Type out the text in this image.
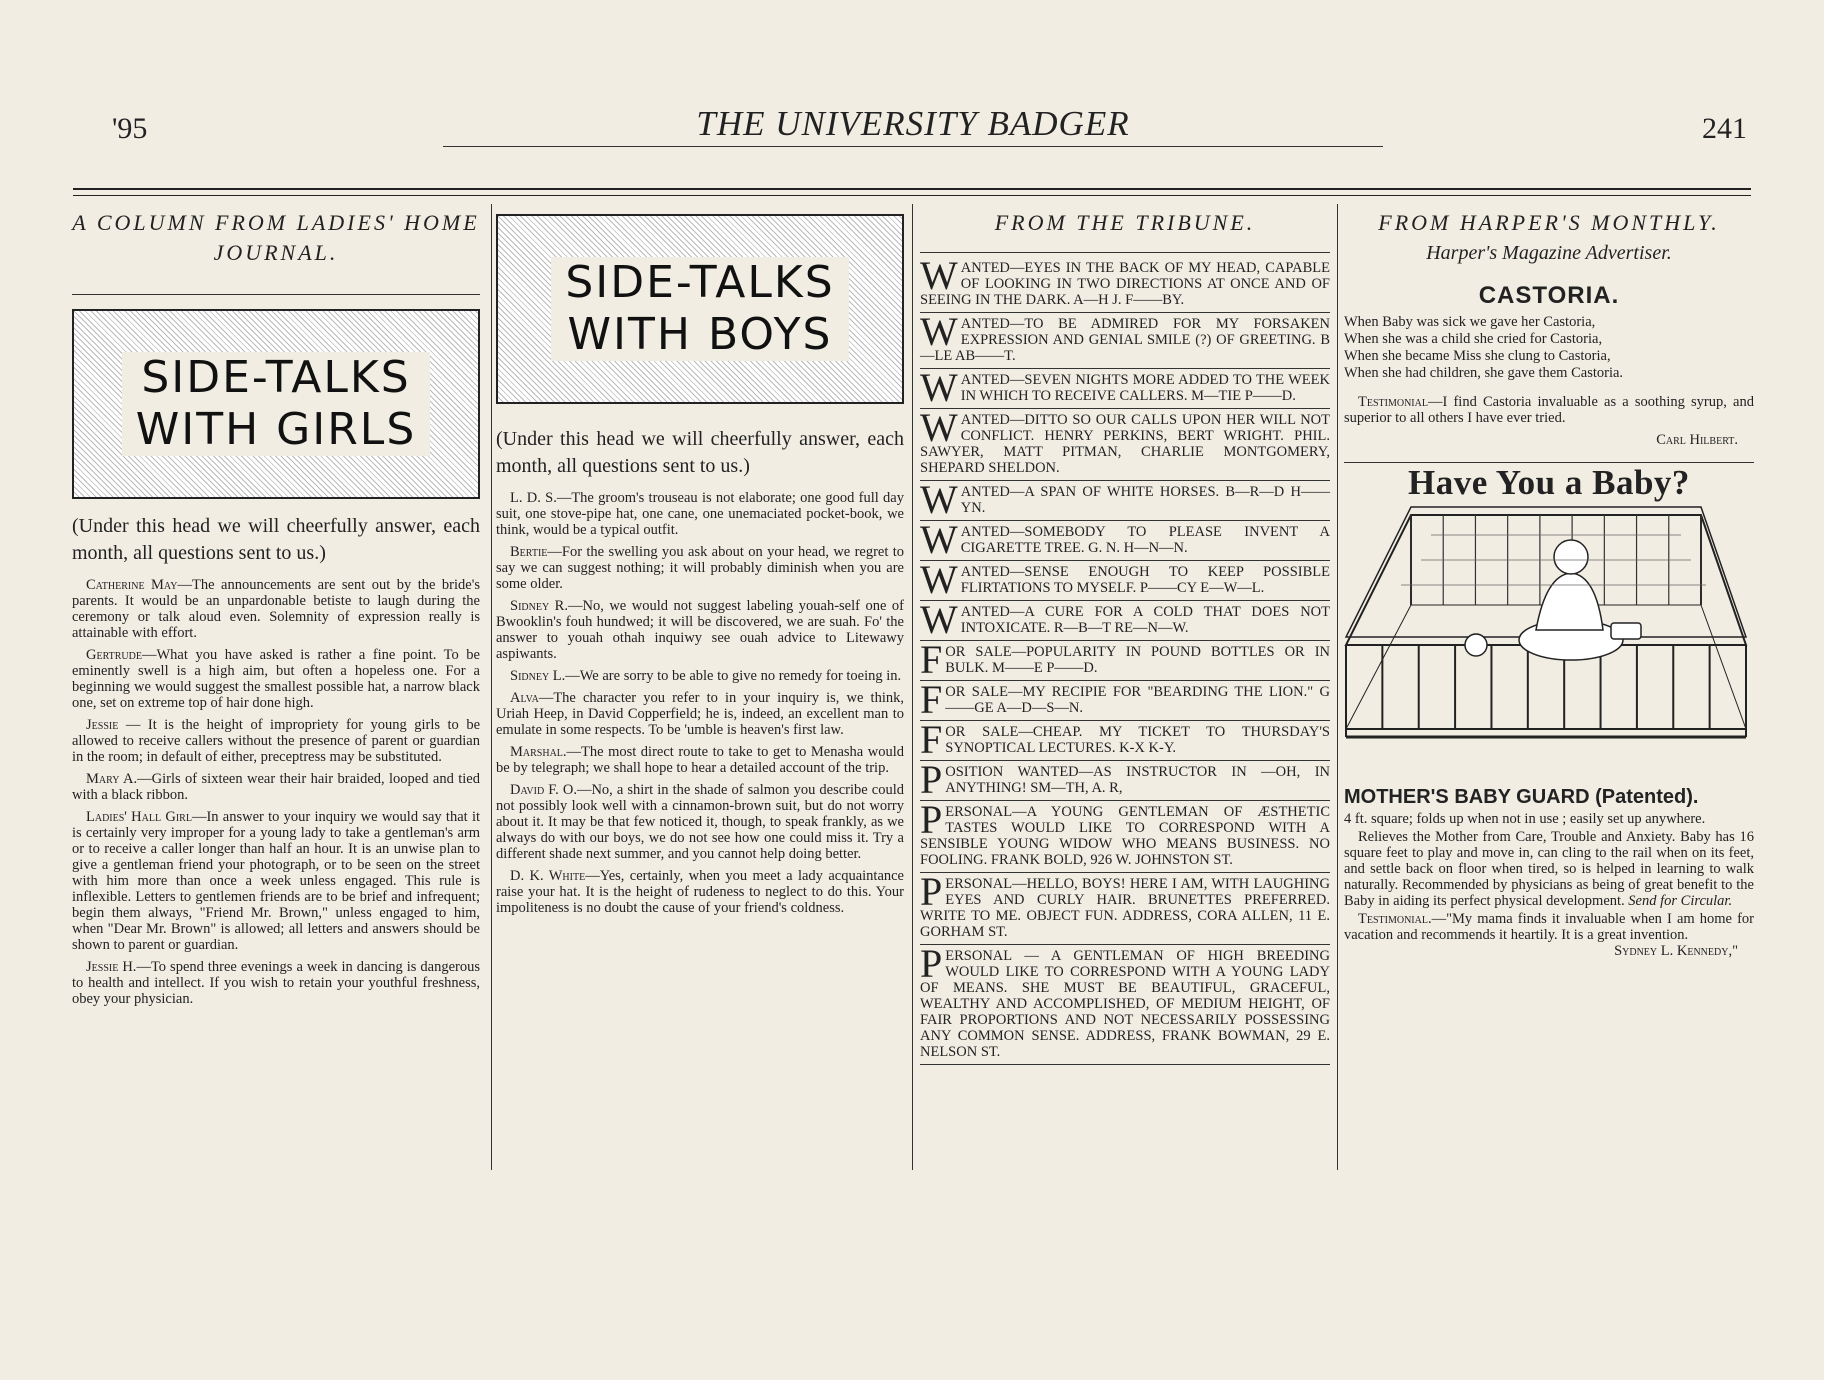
'95	THE UNIVERSITY BADGER	241
A COLUMN FROM LADIES' HOME JOURNAL.
SIDE-TALKS
WITH GIRLS
(Under this head we will cheerfully answer, each month, all questions sent to us.)

Catherine May—The announcements are sent out by the bride's parents. It would be an unpardonable betiste to laugh during the ceremony or talk aloud even. Solemnity of expression really is attainable with effort.

Gertrude—What you have asked is rather a fine point. To be eminently swell is a high aim, but often a hopeless one. For a beginning we would suggest the smallest possible hat, a narrow black one, set on extreme top of hair done high.

Jessie — It is the height of impropriety for young girls to be allowed to receive callers without the presence of parent or guardian in the room; in default of either, preceptress may be substituted.

Mary A.—Girls of sixteen wear their hair braided, looped and tied with a black ribbon.

Ladies' Hall Girl—In answer to your inquiry we would say that it is certainly very improper for a young lady to take a gentleman's arm or to receive a caller longer than half an hour. It is an unwise plan to give a gentleman friend your photograph, or to be seen on the street with him more than once a week unless engaged. This rule is inflexible. Letters to gentlemen friends are to be brief and infrequent; begin them always, "Friend Mr. Brown," unless engaged to him, when "Dear Mr. Brown" is allowed; all letters and answers should be shown to parent or guardian.

Jessie H.—To spend three evenings a week in dancing is dangerous to health and intellect. If you wish to retain your youthful freshness, obey your physician.

SIDE-TALKS
WITH BOYS
(Under this head we will cheerfully answer, each month, all questions sent to us.)

L. D. S.—The groom's trouseau is not elaborate; one good full day suit, one stove-pipe hat, one cane, one unemaciated pocket-book, we think, would be a typical outfit.

Bertie—For the swelling you ask about on your head, we regret to say we can suggest nothing; it will probably diminish when you are some older.

Sidney R.—No, we would not suggest labeling youah-self one of Bwooklin's fouh hundwed; it will be discovered, we are suah. Fo' the answer to youah othah inquiwy see ouah advice to Litewawy aspiwants.

Sidney L.—We are sorry to be able to give no remedy for toeing in.

Alva—The character you refer to in your inquiry is, we think, Uriah Heep, in David Copperfield; he is, indeed, an excellent man to emulate in some respects. To be 'umble is heaven's first law.

Marshal.—The most direct route to take to get to Menasha would be by telegraph; we shall hope to hear a detailed account of the trip.

David F. O.—No, a shirt in the shade of salmon you describe could not possibly look well with a cinnamon-brown suit, but do not worry about it. It may be that few noticed it, though, to speak frankly, as we always do with our boys, we do not see how one could miss it. Try a different shade next summer, and you cannot help doing better.

D. K. White—Yes, certainly, when you meet a lady acquaintance raise your hat. It is the height of rudeness to neglect to do this. Your impoliteness is no doubt the cause of your friend's coldness.

FROM THE TRIBUNE.
WANTED—EYES IN THE BACK OF MY HEAD, CAPABLE OF LOOKING IN TWO DIRECTIONS AT ONCE AND OF SEEING IN THE DARK. A—H J. F——BY.
WANTED—TO BE ADMIRED FOR MY FORSAKEN EXPRESSION AND GENIAL SMILE (?) OF GREETING. B—LE AB——T.
WANTED—SEVEN NIGHTS MORE ADDED TO THE WEEK IN WHICH TO RECEIVE CALLERS. M—TIE P——D.
WANTED—DITTO SO OUR CALLS UPON HER WILL NOT CONFLICT. HENRY PERKINS, BERT WRIGHT. PHIL. SAWYER, MATT PITMAN, CHARLIE MONTGOMERY, SHEPARD SHELDON.
WANTED—A SPAN OF WHITE HORSES. B—R—D H——YN.
WANTED—SOMEBODY TO PLEASE INVENT A CIGARETTE TREE. G. N. H—N—N.
WANTED—SENSE ENOUGH TO KEEP POSSIBLE FLIRTATIONS TO MYSELF. P——CY E—W—L.
WANTED—A CURE FOR A COLD THAT DOES NOT INTOXICATE. R—B—T RE—N—W.
FOR SALE—POPULARITY IN POUND BOTTLES OR IN BULK. M——E P——D.
FOR SALE—MY RECIPIE FOR "BEARDING THE LION." G——GE A—D—S—N.
FOR SALE—CHEAP. MY TICKET TO THURSDAY'S SYNOPTICAL LECTURES. K-X K-Y.
POSITION WANTED—AS INSTRUCTOR IN —OH, IN ANYTHING! SM—TH, A. R,
PERSONAL—A YOUNG GENTLEMAN OF ÆSTHETIC TASTES WOULD LIKE TO CORRESPOND WITH A SENSIBLE YOUNG WIDOW WHO MEANS BUSINESS. NO FOOLING. FRANK BOLD, 926 W. JOHNSTON ST.
PERSONAL—HELLO, BOYS! HERE I AM, WITH LAUGHING EYES AND CURLY HAIR. BRUNETTES PREFERRED. WRITE TO ME. OBJECT FUN. ADDRESS, CORA ALLEN, 11 E. GORHAM ST.
PERSONAL — A GENTLEMAN OF HIGH BREEDING WOULD LIKE TO CORRESPOND WITH A YOUNG LADY OF MEANS. SHE MUST BE BEAUTIFUL, GRACEFUL, WEALTHY AND ACCOMPLISHED, OF MEDIUM HEIGHT, OF FAIR PROPORTIONS AND NOT NECESSARILY POSSESSING ANY COMMON SENSE. ADDRESS, FRANK BOWMAN, 29 E. NELSON ST.
FROM HARPER'S MONTHLY.
Harper's Magazine Advertiser.
CASTORIA.
When Baby was sick we gave her Castoria,
When she was a child she cried for Castoria,
When she became Miss she clung to Castoria,
When she had children, she gave them Castoria.

Testimonial—I find Castoria invaluable as a soothing syrup, and superior to all others I have ever tried.

Carl Hilbert.
Have You a Baby?
MOTHER'S BABY GUARD (Patented).

4 ft. square; folds up when not in use ; easily set up anywhere.

Relieves the Mother from Care, Trouble and Anxiety. Baby has 16 square feet to play and move in, can cling to the rail when on its feet, and settle back on floor when tired, so is helped in learning to walk naturally. Recommended by physicians as being of great benefit to the Baby in aiding its perfect physical development. Send for Circular.

Testimonial.—"My mama finds it invaluable when I am home for vacation and recommends it heartily. It is a great invention.

Sydney L. Kennedy,"
